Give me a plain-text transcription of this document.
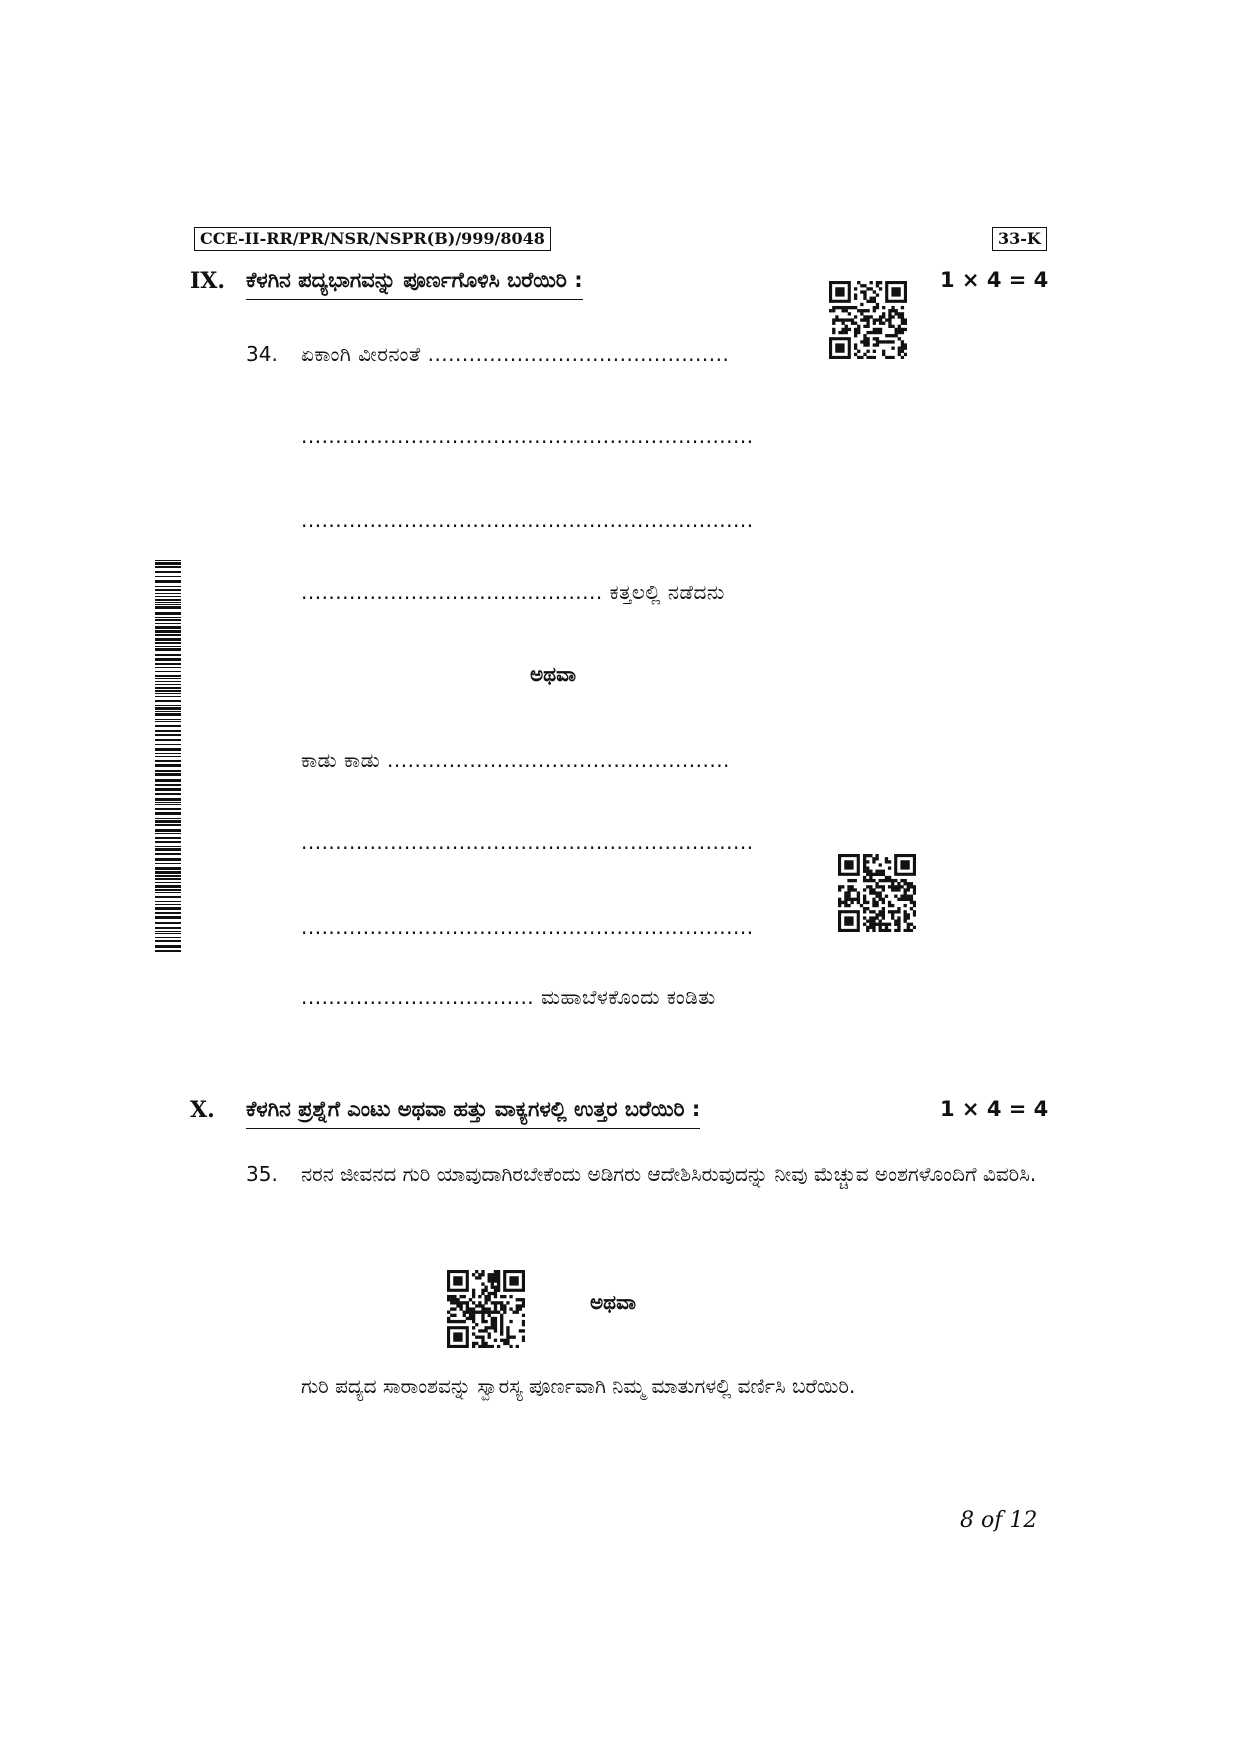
CCE-II-RR/PR/NSR/NSPR(B)/999/8048	33-K
IX. ಕೆಳಗಿನ ಪದ್ಯಭಾಗವನ್ನು ಪೂರ್ಣಗೊಳಿಸಿ ಬರೆಯಿರಿ :	1 × 4 = 4
34. ಏಕಾಂಗಿ ವೀರನಂತೆ ............................................
..................................................................
..................................................................
............................................ ಕತ್ತಲಲ್ಲಿ ನಡೆದನು
ಅಥವಾ
ಕಾಡು ಕಾಡು ..................................................
..................................................................
..................................................................
.................................. ಮಹಾಬೆಳಕೊಂದು ಕಂಡಿತು
X. ಕೆಳಗಿನ ಪ್ರಶ್ನೆಗೆ ಎಂಟು ಅಥವಾ ಹತ್ತು ವಾಕ್ಯಗಳಲ್ಲಿ ಉತ್ತರ ಬರೆಯಿರಿ :	1 × 4 = 4
35. ನರನ ಜೀವನದ ಗುರಿ ಯಾವುದಾಗಿರಬೇಕೆಂದು ಅಡಿಗರು ಆದೇಶಿಸಿರುವುದನ್ನು ನೀವು ಮೆಚ್ಚುವ ಅಂಶಗಳೊಂದಿಗೆ ವಿವರಿಸಿ.
ಅಥವಾ
ಗುರಿ ಪದ್ಯದ ಸಾರಾಂಶವನ್ನು ಸ್ವಾರಸ್ಯ ಪೂರ್ಣವಾಗಿ ನಿಮ್ಮ ಮಾತುಗಳಲ್ಲಿ ವರ್ಣಿಸಿ ಬರೆಯಿರಿ.
8 of 12
